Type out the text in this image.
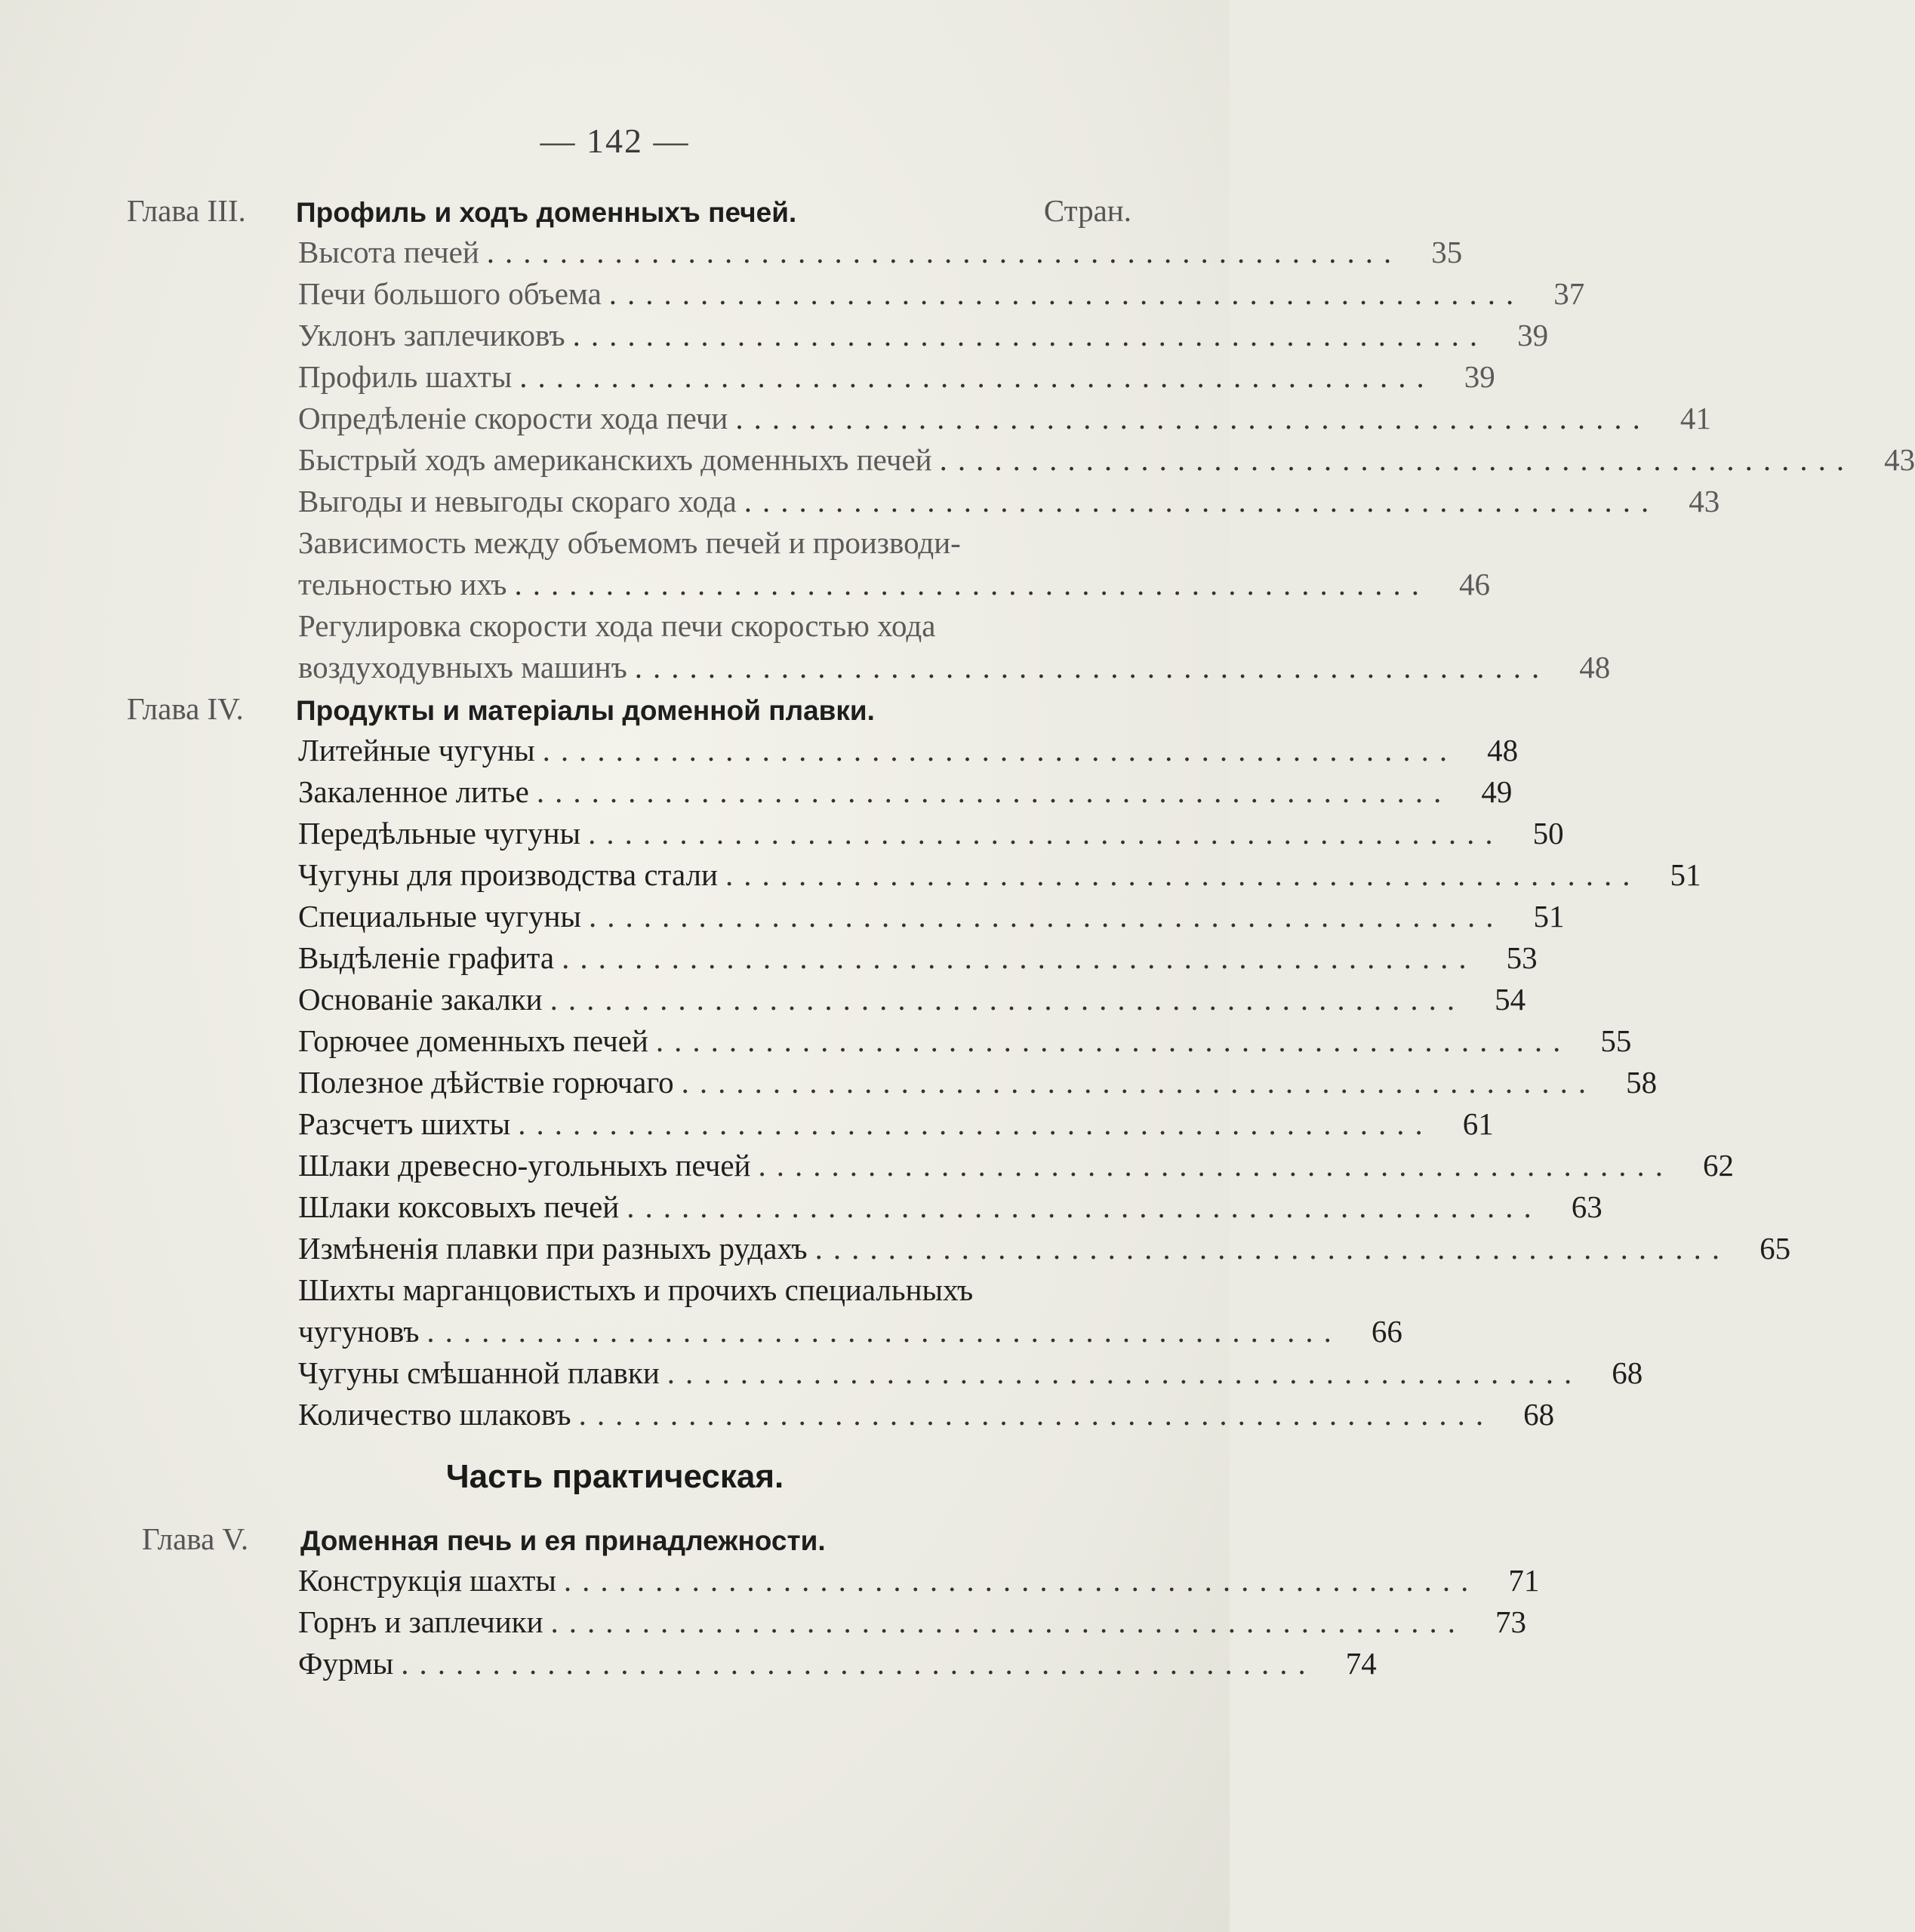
— 142 —
Глава III. Профиль и ходъ доменныхъ печей.	Стран.
Высота печей .................................................. 35
Печи большого объема .................................................. 37
Уклонъ заплечиковъ .................................................. 39
Профиль шахты .................................................. 39
Опредѣленіе скорости хода печи .................................................. 41
Быстрый ходъ американскихъ доменныхъ печей .................................................. 43
Выгоды и невыгоды скораго хода .................................................. 43
Зависимость между объемомъ печей и производи-
тельностью ихъ .................................................. 46
Регулировка скорости хода печи скоростью хода
воздуходувныхъ машинъ .................................................. 48
Глава IV. Продукты и матеріалы доменной плавки.
Литейные чугуны .................................................. 48
Закаленное литье .................................................. 49
Передѣльные чугуны .................................................. 50
Чугуны для производства стали .................................................. 51
Специальные чугуны .................................................. 51
Выдѣленіе графита .................................................. 53
Основаніе закалки .................................................. 54
Горючее доменныхъ печей .................................................. 55
Полезное дѣйствіе горючаго .................................................. 58
Разсчетъ шихты .................................................. 61
Шлаки древесно-угольныхъ печей .................................................. 62
Шлаки коксовыхъ печей .................................................. 63
Измѣненія плавки при разныхъ рудахъ .................................................. 65
Шихты марганцовистыхъ и прочихъ специальныхъ
чугуновъ .................................................. 66
Чугуны смѣшанной плавки .................................................. 68
Количество шлаковъ .................................................. 68
Часть практическая.
Глава V. Доменная печь и ея принадлежности.
Конструкція шахты .................................................. 71
Горнъ и заплечики .................................................. 73
Фурмы .................................................. 74
